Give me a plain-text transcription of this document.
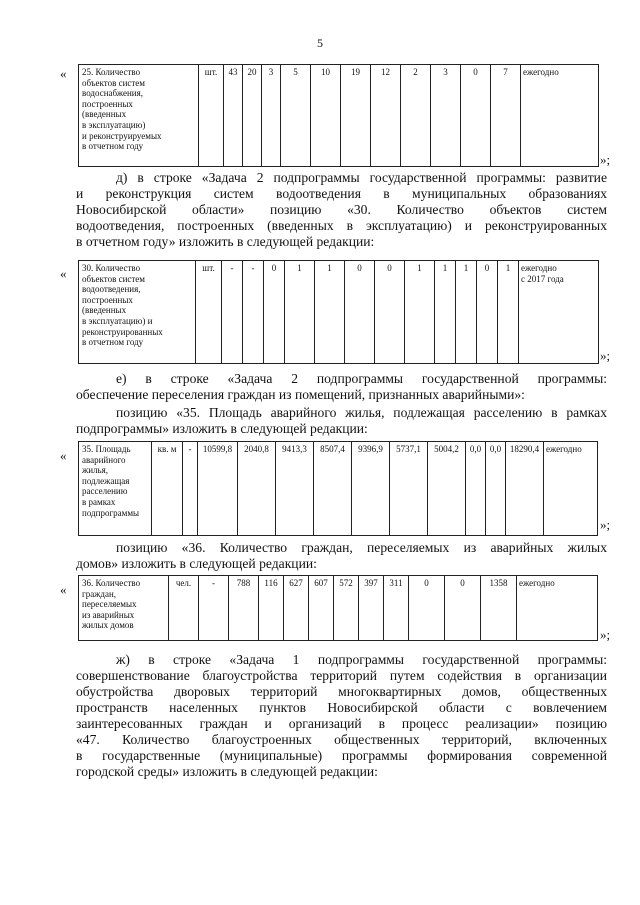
5
« 25. Количество
объектов систем
водоснабжения,
построенных
(введенных
в эксплуатацию)
и реконструируемых
в отчетном году	шт.	43	20	3	5	10	19	12	2	3	0	7	ежегодно
»;
д) в строке «Задача 2 подпрограммы государственной программы: развитие
и реконструкция систем водоотведения в муниципальных образованиях
Новосибирской области» позицию «30. Количество объектов систем
водоотведения, построенных (введенных в эксплуатацию) и реконструированных
в отчетном году» изложить в следующей редакции:
« 30. Количество
объектов систем
водоотведения,
построенных
(введенных
в эксплуатацию) и
реконструированных
в отчетном году	шт.	-	-	0	1	1	0	0	1	1	1	0	1	ежегодно
с 2017 года
»;
е) в строке «Задача 2 подпрограммы государственной программы:
обеспечение переселения граждан из помещений, признанных аварийными»:
позицию «35. Площадь аварийного жилья, подлежащая расселению в рамках
подпрограммы» изложить в следующей редакции:
« 35. Площадь
аварийного
жилья,
подлежащая
расселению
в рамках
подпрограммы	кв. м	-	10599,8	2040,8	9413,3	8507,4	9396,9	5737,1	5004,2	0,0	0,0	18290,4	ежегодно
»;
позицию «36. Количество граждан, переселяемых из аварийных жилых
домов» изложить в следующей редакции:
« 36. Количество
граждан,
переселяемых
из аварийных
жилых домов	чел.	-	788	116	627	607	572	397	311	0	0	1358	ежегодно
»;
ж) в строке «Задача 1 подпрограммы государственной программы:
совершенствование благоустройства территорий путем содействия в организации
обустройства дворовых территорий многоквартирных домов, общественных
пространств населенных пунктов Новосибирской области с вовлечением
заинтересованных граждан и организаций в процесс реализации» позицию
«47. Количество благоустроенных общественных территорий, включенных
в государственные (муниципальные) программы формирования современной
городской среды» изложить в следующей редакции:
